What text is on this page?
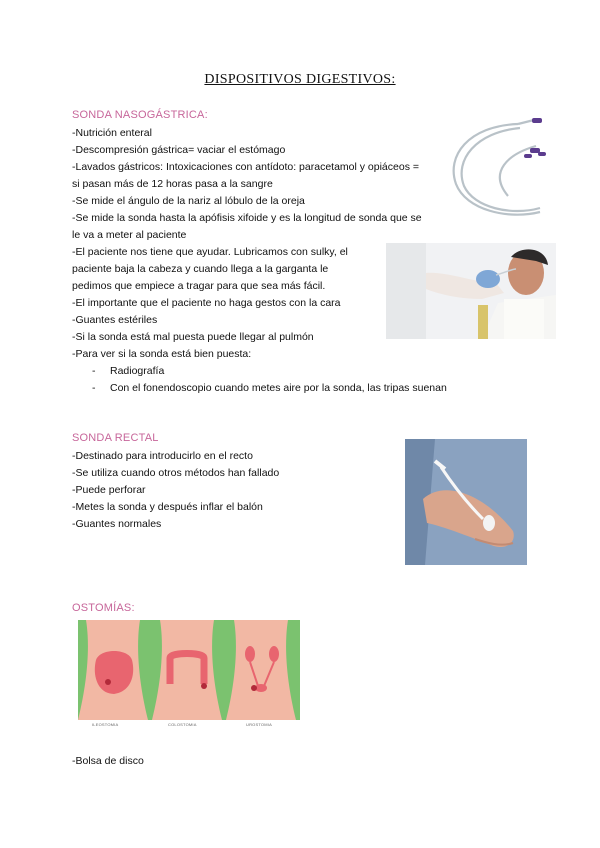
DISPOSITIVOS DIGESTIVOS:
SONDA NASOGÁSTRICA:
-Nutrición enteral
-Descompresión gástrica= vaciar el estómago
-Lavados gástricos: Intoxicaciones con antídoto: paracetamol y opiáceos =
si pasan más de 12 horas pasa a la sangre
-Se mide el ángulo de la nariz al lóbulo de la oreja
-Se mide la sonda hasta la apófisis xifoide y es la longitud de sonda que se
le va a meter al paciente
-El paciente nos tiene que ayudar. Lubricamos con sulky, el
paciente baja la cabeza y cuando llega a la garganta le
pedimos que empiece a tragar para que sea más fácil.
-El importante que el paciente no haga gestos con la cara
-Guantes estériles
-Si la sonda está mal puesta puede llegar al pulmón
-Para ver si la sonda está bien puesta:
- Radiografía
- Con el fonendoscopio cuando metes aire por la sonda, las tripas suenan
SONDA RECTAL
-Destinado para introducirlo en el recto
-Se utiliza cuando otros métodos han fallado
-Puede perforar
-Metes la sonda y después inflar el balón
-Guantes normales
OSTOMÍAS:
ILEOSTOMIA	COLOSTOMIA	UROSTOMIA
-Bolsa de disco
